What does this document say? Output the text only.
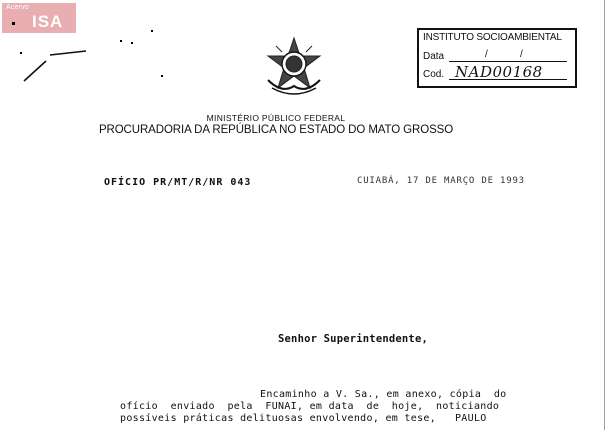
Acervo
ISA
INSTITUTO SOCIOAMBIENTAL
Data	/	/
Cod. NAD00168
MINISTÉRIO PÚBLICO FEDERAL
PROCURADORIA DA REPÚBLICA NO ESTADO DO MATO GROSSO
OFÍCIO PR/MT/R/NR 043	CUIABÁ, 17 DE MARÇO DE 1993
Senhor Superintendente,
Encaminho a V. Sa., em anexo, cópia  do
ofício  enviado  pela  FUNAI, em data  de  hoje,  noticiando
possíveis práticas delituosas envolvendo, em tese,   PAULO
